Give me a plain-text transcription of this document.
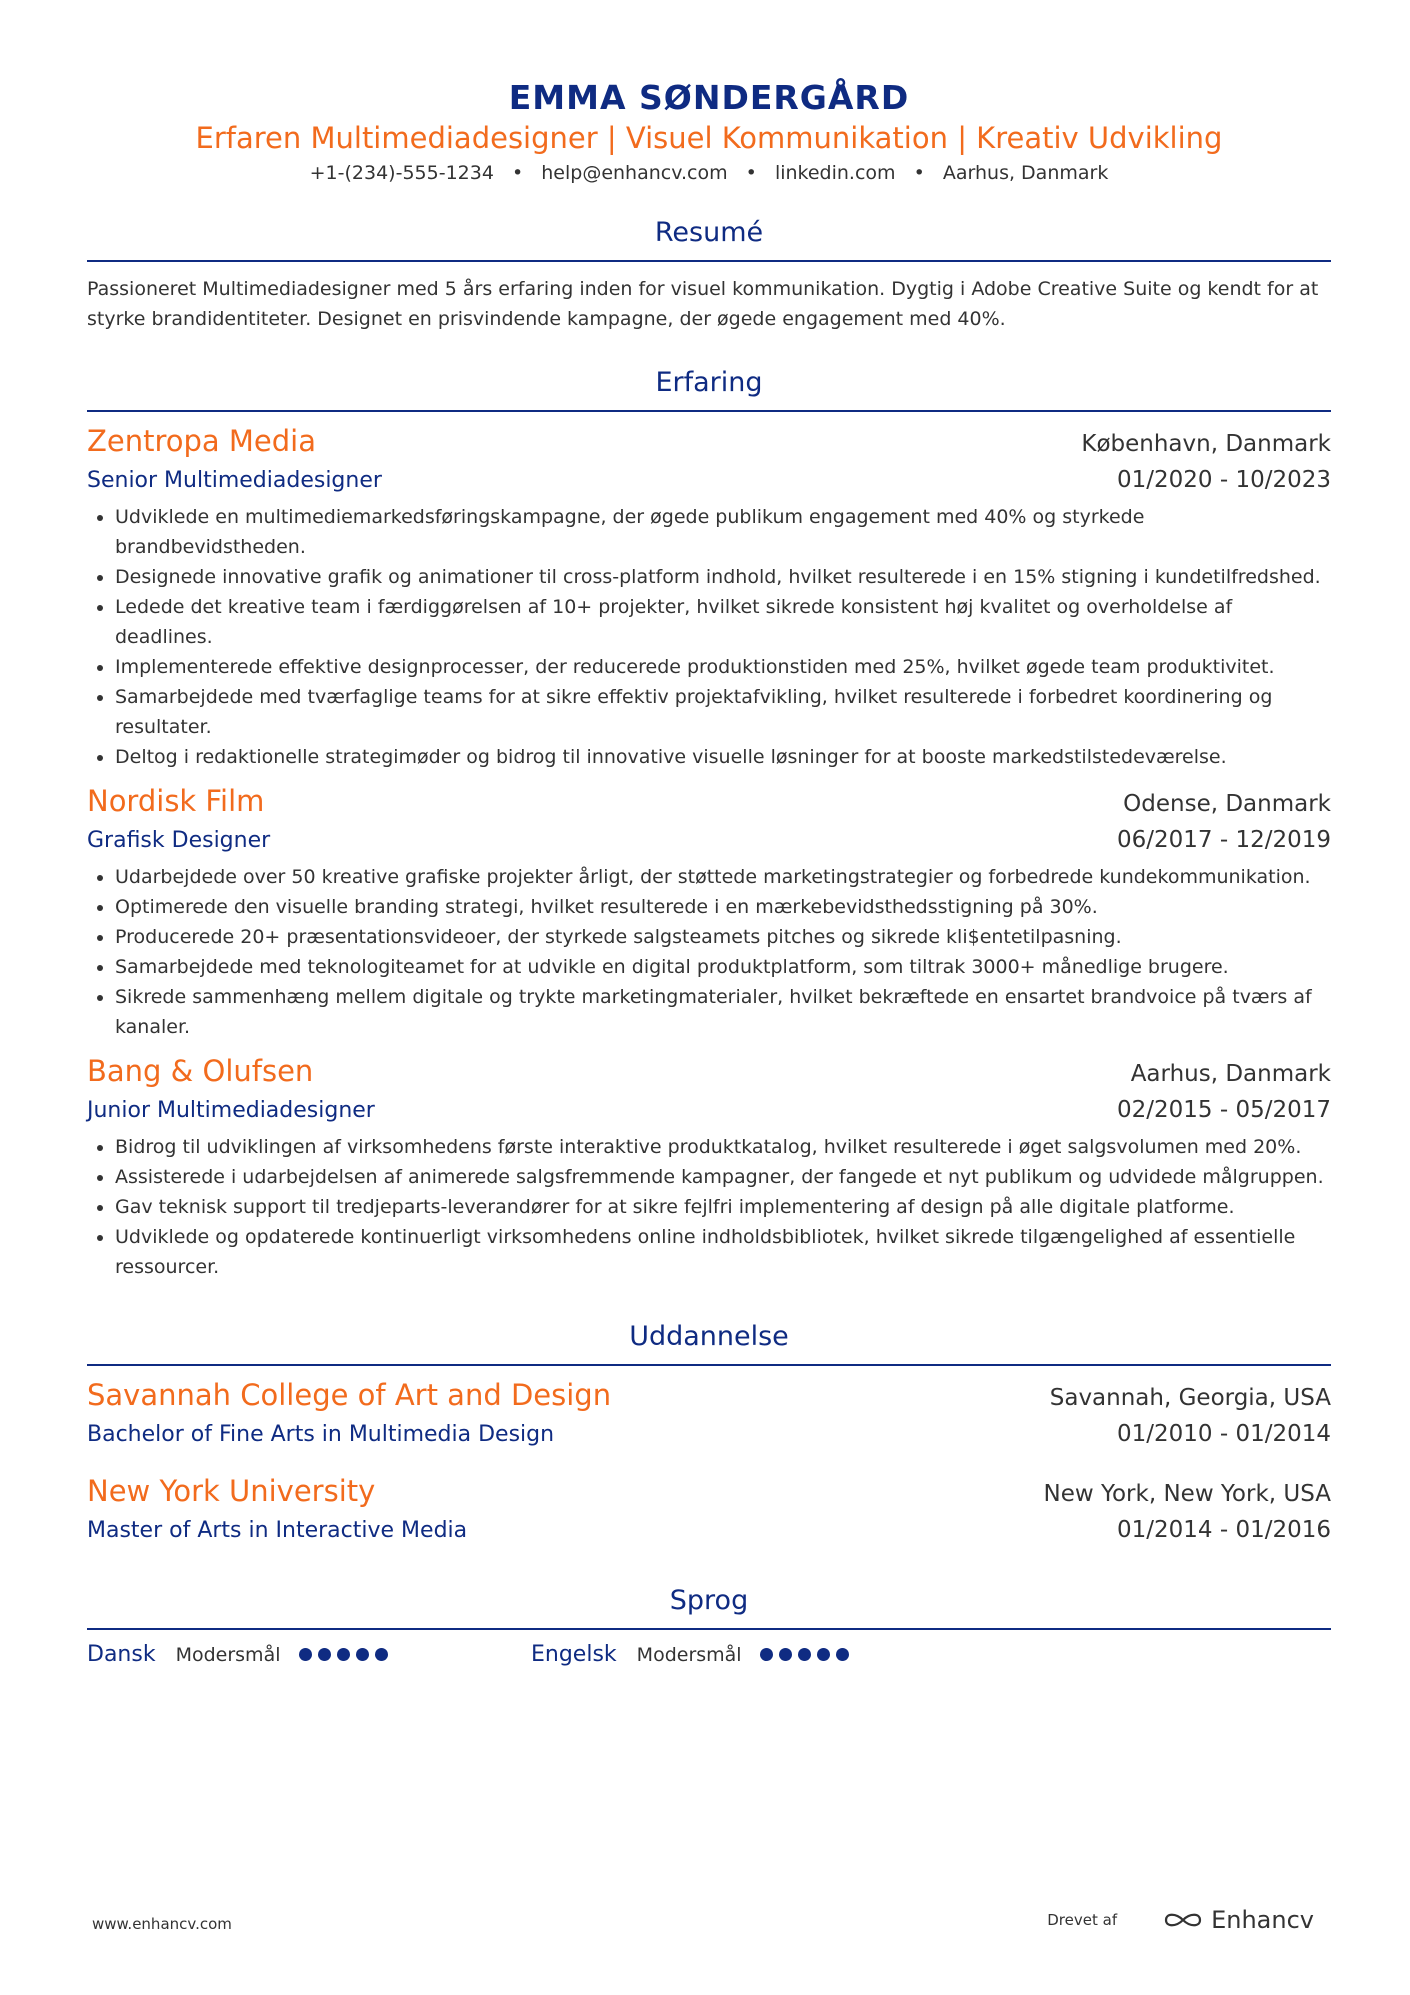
EMMA SØNDERGÅRD
Erfaren Multimediadesigner | Visuel Kommunikation | Kreativ Udvikling
+1-(234)-555-1234 • help@enhancv.com • linkedin.com • Aarhus, Danmark
Resumé
Passioneret Multimediadesigner med 5 års erfaring inden for visuel kommunikation. Dygtig i Adobe Creative Suite og kendt for at styrke brandidentiteter. Designet en prisvindende kampagne, der øgede engagement med 40%.
Erfaring
Zentropa Media	København, Danmark
Senior Multimediadesigner	01/2020 - 10/2023
• Udviklede en multimediemarkedsføringskampagne, der øgede publikum engagement med 40% og styrkede brandbevidstheden.
• Designede innovative grafik og animationer til cross-platform indhold, hvilket resulterede i en 15% stigning i kundetilfredshed.
• Ledede det kreative team i færdiggørelsen af 10+ projekter, hvilket sikrede konsistent høj kvalitet og overholdelse af deadlines.
• Implementerede effektive designprocesser, der reducerede produktionstiden med 25%, hvilket øgede team produktivitet.
• Samarbejdede med tværfaglige teams for at sikre effektiv projektafvikling, hvilket resulterede i forbedret koordinering og resultater.
• Deltog i redaktionelle strategimøder og bidrog til innovative visuelle løsninger for at booste markedstilstedeværelse.
Nordisk Film	Odense, Danmark
Grafisk Designer	06/2017 - 12/2019
• Udarbejdede over 50 kreative grafiske projekter årligt, der støttede marketingstrategier og forbedrede kundekommunikation.
• Optimerede den visuelle branding strategi, hvilket resulterede i en mærkebevidsthedsstigning på 30%.
• Producerede 20+ præsentationsvideoer, der styrkede salgsteamets pitches og sikrede kli$entetilpasning.
• Samarbejdede med teknologiteamet for at udvikle en digital produktplatform, som tiltrak 3000+ månedlige brugere.
• Sikrede sammenhæng mellem digitale og trykte marketingmaterialer, hvilket bekræftede en ensartet brandvoice på tværs af kanaler.
Bang & Olufsen	Aarhus, Danmark
Junior Multimediadesigner	02/2015 - 05/2017
• Bidrog til udviklingen af virksomhedens første interaktive produktkatalog, hvilket resulterede i øget salgsvolumen med 20%.
• Assisterede i udarbejdelsen af animerede salgsfremmende kampagner, der fangede et nyt publikum og udvidede målgruppen.
• Gav teknisk support til tredjeparts-leverandører for at sikre fejlfri implementering af design på alle digitale platforme.
• Udviklede og opdaterede kontinuerligt virksomhedens online indholdsbibliotek, hvilket sikrede tilgængelighed af essentielle ressourcer.
Uddannelse
Savannah College of Art and Design	Savannah, Georgia, USA
Bachelor of Fine Arts in Multimedia Design	01/2010 - 01/2014
New York University	New York, New York, USA
Master of Arts in Interactive Media	01/2014 - 01/2016
Sprog
Dansk Modersmål	Engelsk Modersmål
www.enhancv.com	Drevet af	Enhancv
